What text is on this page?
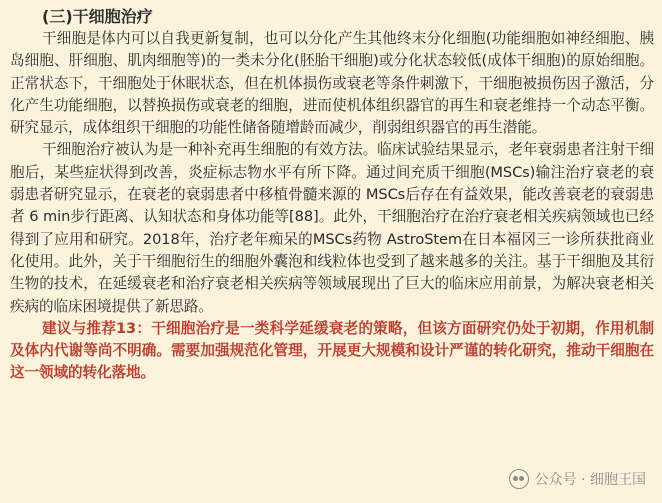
(三)干细胞治疗

干细胞是体内可以自我更新复制，也可以分化产生其他终末分化细胞(功能细胞如神经细胞、胰岛细胞、肝细胞、肌肉细胞等)的一类未分化(胚胎干细胞)或分化状态较低(成体干细胞)的原始细胞。正常状态下，干细胞处于休眠状态，但在机体损伤或衰老等条件刺激下，干细胞被损伤因子激活，分化产生功能细胞，以替换损伤或衰老的细胞，进而使机体组织器官的再生和衰老维持一个动态平衡。研究显示，成体组织干细胞的功能性储备随增龄而减少，削弱组织器官的再生潜能。

干细胞治疗被认为是一种补充再生细胞的有效方法。临床试验结果显示，老年衰弱患者注射干细胞后，某些症状得到改善，炎症标志物水平有所下降。通过间充质干细胞(MSCs)输注治疗衰老的衰弱患者研究显示，在衰老的衰弱患者中移植骨髓来源的 MSCs后存在有益效果，能改善衰老的衰弱患者 6 min步行距离、认知状态和身体功能等[88]。此外，干细胞治疗在治疗衰老相关疾病领域也已经得到了应用和研究。2018年，治疗老年痴呆的MSCs药物 AstroStem在日本福冈三一诊所获批商业化使用。此外，关于干细胞衍生的细胞外囊泡和线粒体也受到了越来越多的关注。基于干细胞及其衍生物的技术，在延缓衰老和治疗衰老相关疾病等领域展现出了巨大的临床应用前景，为解决衰老相关疾病的临床困境提供了新思路。

建议与推荐13：干细胞治疗是一类科学延缓衰老的策略，但该方面研究仍处于初期，作用机制及体内代谢等尚不明确。需要加强规范化管理，开展更大规模和设计严谨的转化研究，推动干细胞在这一领域的转化落地。

公众号 · 细胞王国
